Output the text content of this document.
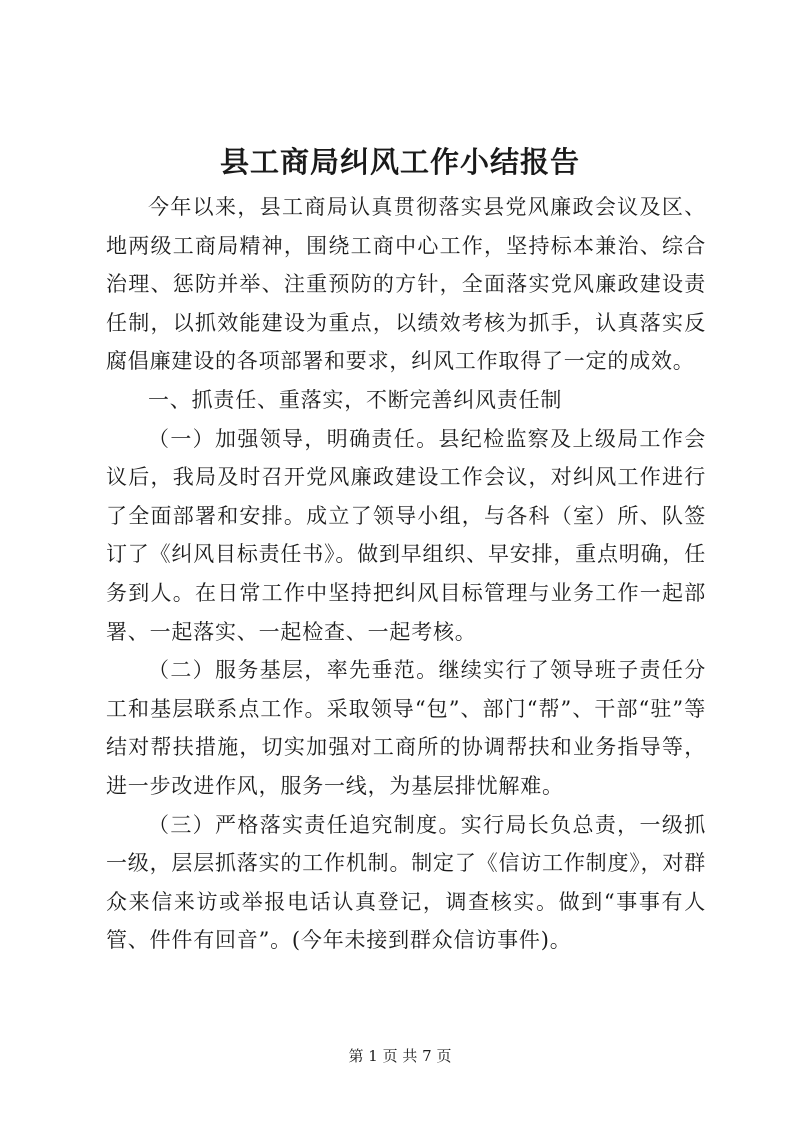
县工商局纠风工作小结报告

今年以来，县工商局认真贯彻落实县党风廉政会议及区、地两级工商局精神，围绕工商中心工作，坚持标本兼治、综合治理、惩防并举、注重预防的方针，全面落实党风廉政建设责任制，以抓效能建设为重点，以绩效考核为抓手，认真落实反腐倡廉建设的各项部署和要求，纠风工作取得了一定的成效。

一、抓责任、重落实，不断完善纠风责任制

（一）加强领导，明确责任。县纪检监察及上级局工作会议后，我局及时召开党风廉政建设工作会议，对纠风工作进行了全面部署和安排。成立了领导小组，与各科（室）所、队签订了《纠风目标责任书》。做到早组织、早安排，重点明确，任务到人。在日常工作中坚持把纠风目标管理与业务工作一起部署、一起落实、一起检查、一起考核。

（二）服务基层，率先垂范。继续实行了领导班子责任分工和基层联系点工作。采取领导“包”、部门“帮”、干部“驻”等结对帮扶措施，切实加强对工商所的协调帮扶和业务指导等，进一步改进作风，服务一线，为基层排忧解难。

（三）严格落实责任追究制度。实行局长负总责，一级抓一级，层层抓落实的工作机制。制定了《信访工作制度》，对群众来信来访或举报电话认真登记，调查核实。做到“事事有人管、件件有回音”。(今年未接到群众信访事件)。

第 1 页 共 7 页
